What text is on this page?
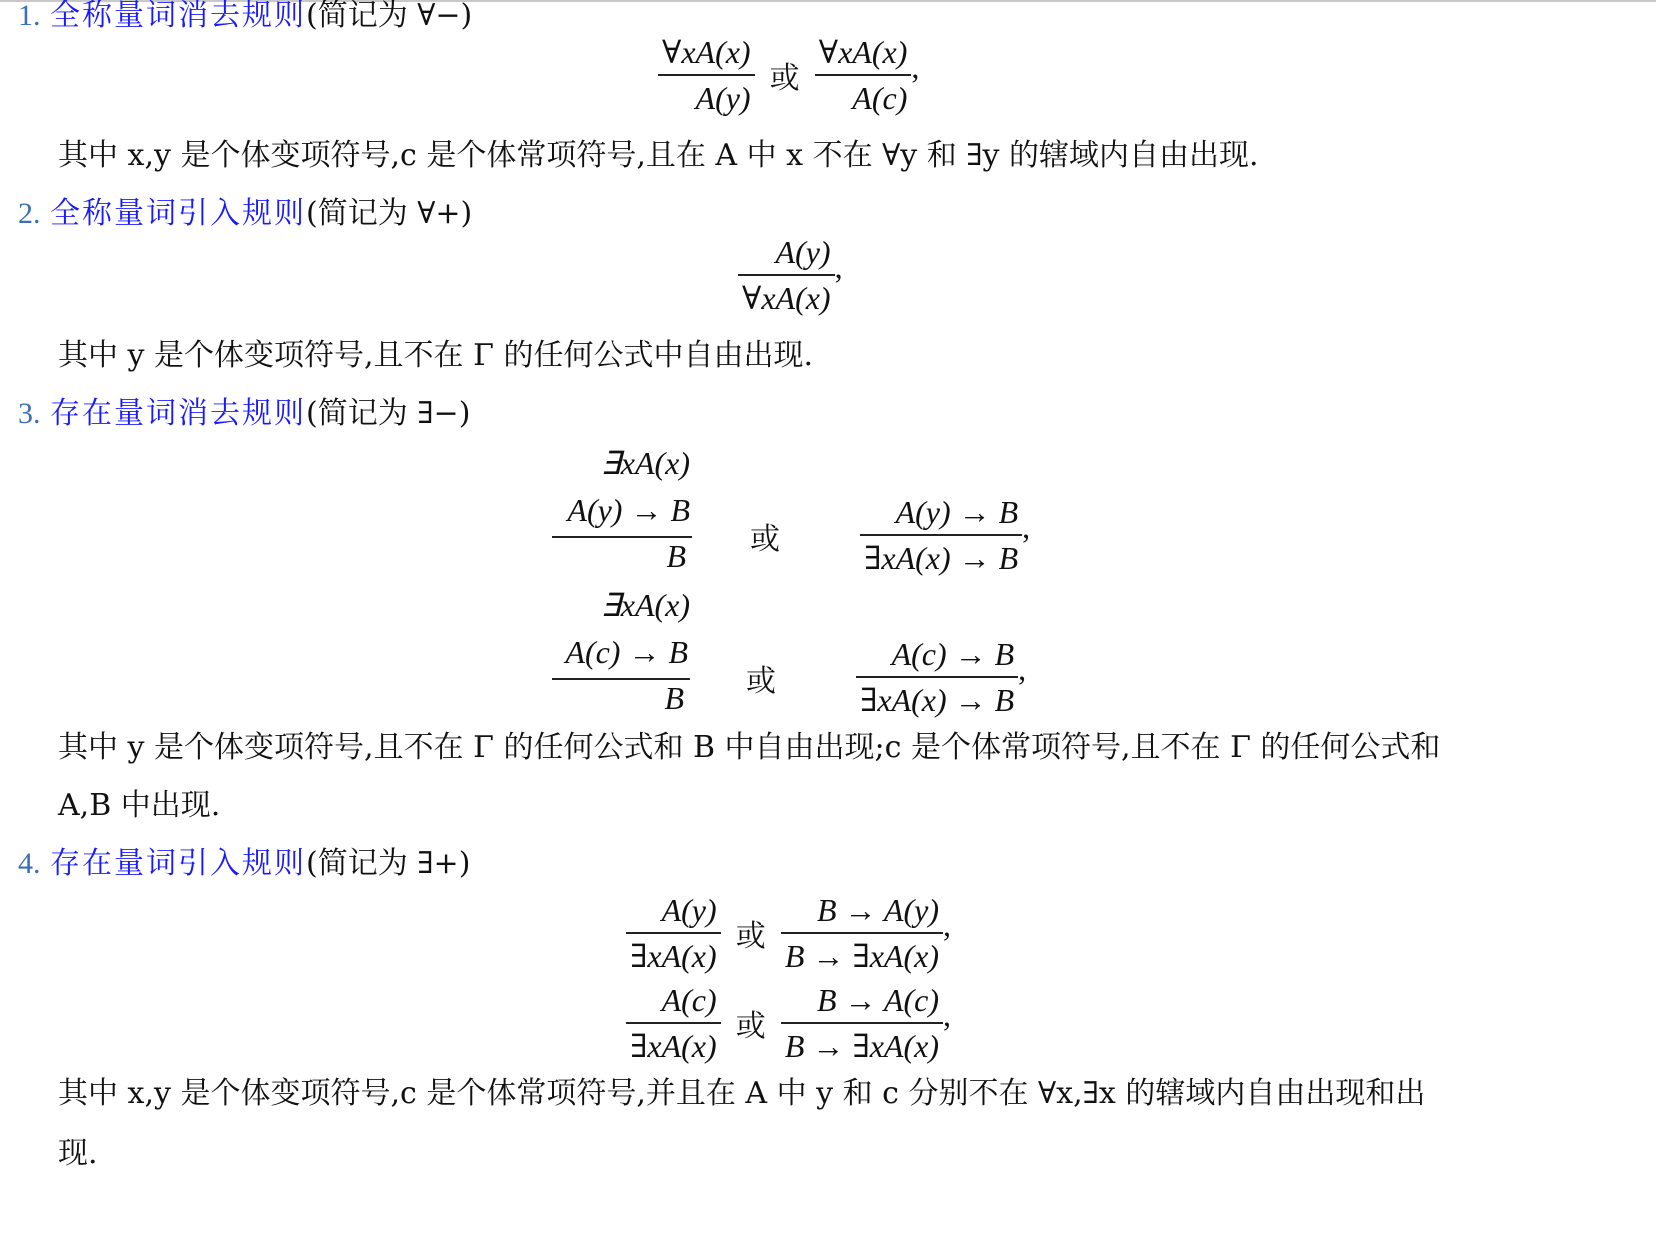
1. 全称量词消去规则(简记为 ∀−)
$\frac{\forall xA(x)}{A(y)}$ 或 $\frac{\forall xA(x)}{A(c)}$ ,
其中 x,y 是个体变项符号,c 是个体常项符号,且在 A 中 x 不在 ∀y 和 ∃y 的辖域内自由出现.
2. 全称量词引入规则(简记为 ∀+)
$\frac{A(y)}{\forall xA(x)}$ ,
其中 y 是个体变项符号,且不在 Γ 的任何公式中自由出现.
3. 存在量词消去规则(简记为 ∃−)
∃xA(x)
A(y) → B
B 或	$\frac{A(y) \to B}{\exists xA(x) \to B}$ ,
∃xA(x)
A(c) → B
B 或	$\frac{A(c) \to B}{\exists xA(x) \to B}$ ,
其中 y 是个体变项符号,且不在 Γ 的任何公式和 B 中自由出现;c 是个体常项符号,且不在 Γ 的任何公式和
A,B 中出现.
4. 存在量词引入规则(简记为 ∃+)
$\frac{A(y)}{\exists xA(x)}$ 或 $\frac{B \to A(y)}{B \to \exists xA(x)}$ ,
$\frac{A(c)}{\exists xA(x)}$ 或 $\frac{B \to A(c)}{B \to \exists xA(x)}$ ,
其中 x,y 是个体变项符号,c 是个体常项符号,并且在 A 中 y 和 c 分别不在 ∀x,∃x 的辖域内自由出现和出
现.
